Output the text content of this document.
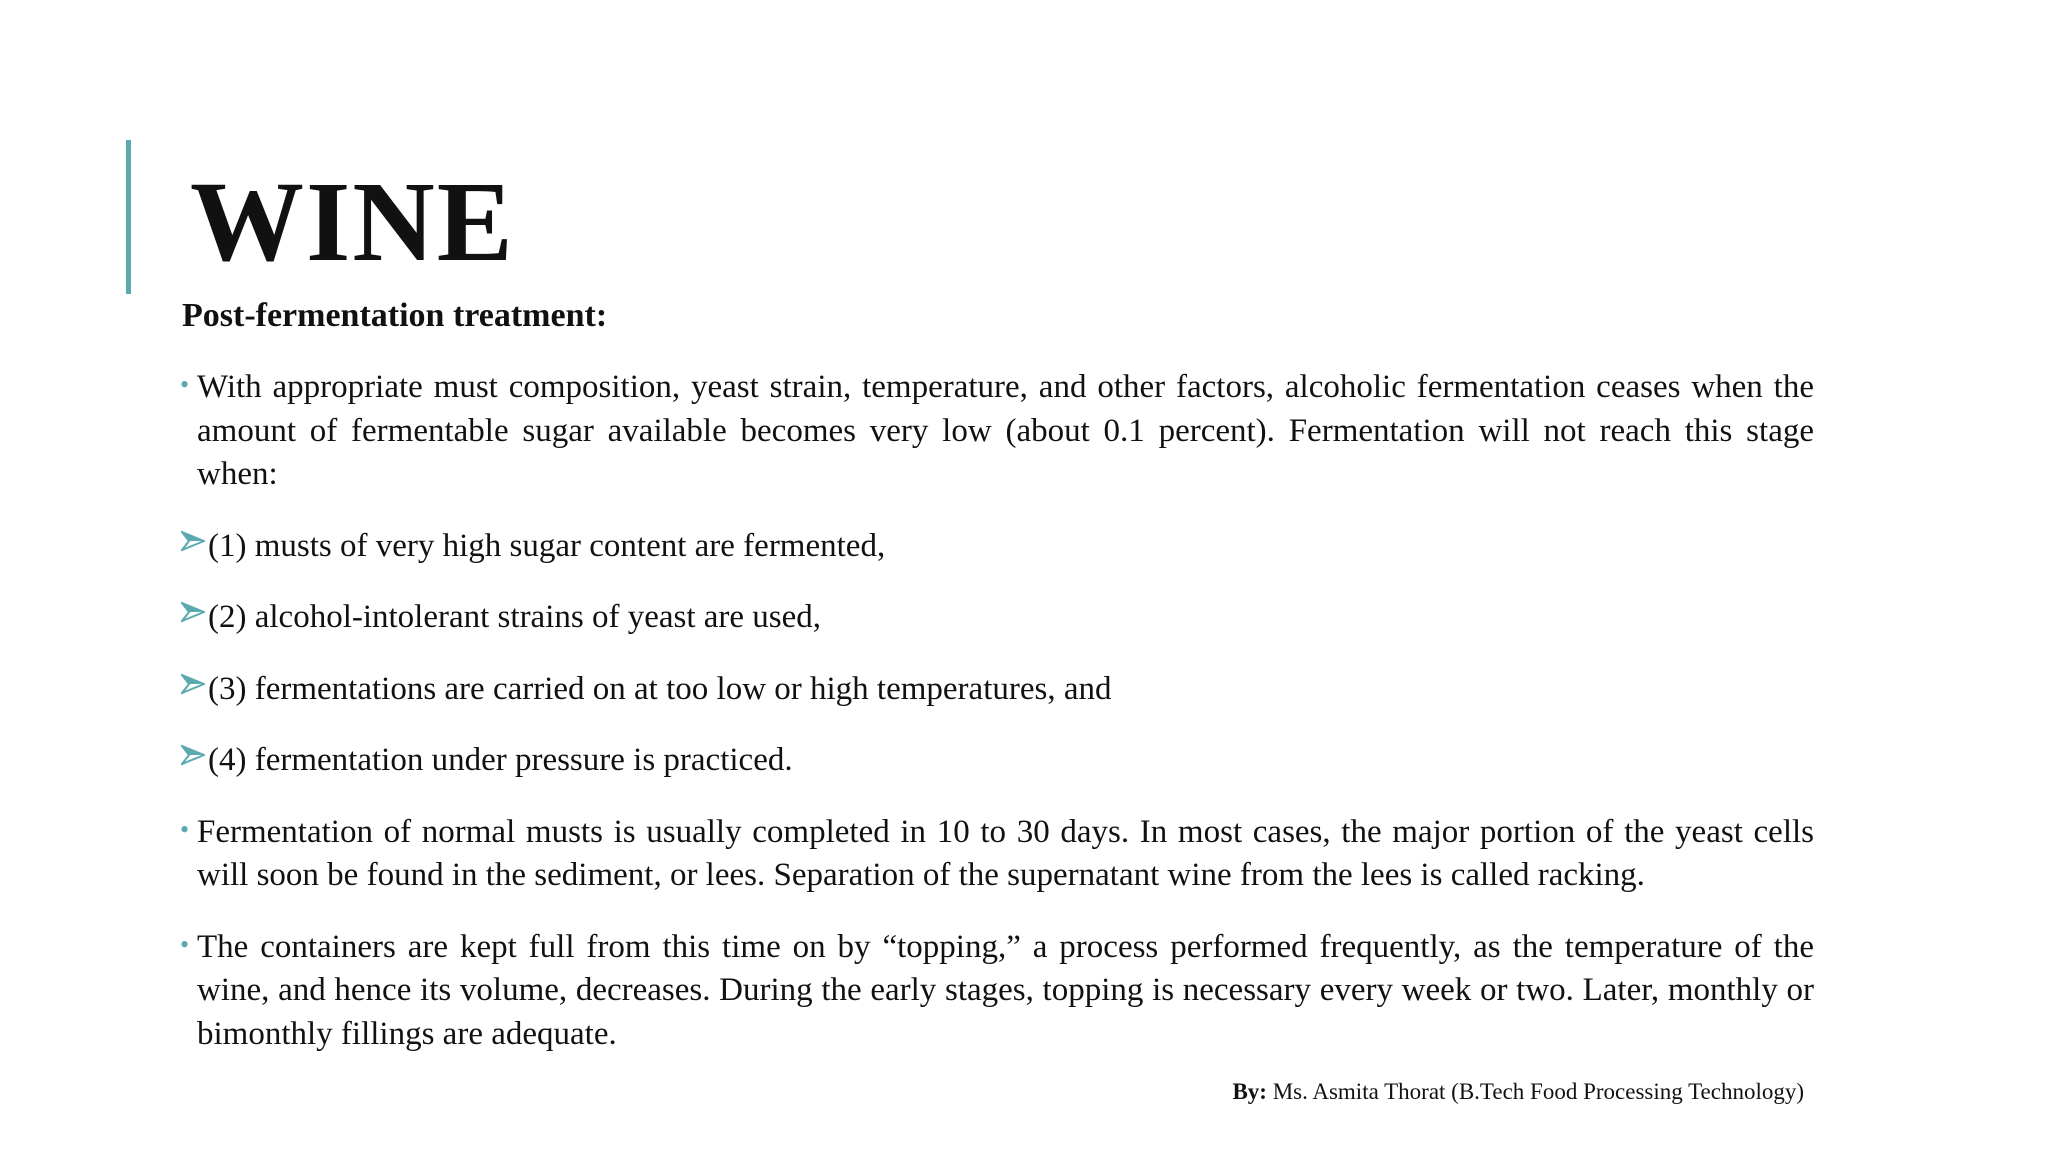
WINE

Post-fermentation treatment:

• With appropriate must composition, yeast strain, temperature, and other factors, alcoholic fermentation ceases when the amount of fermentable sugar available becomes very low (about 0.1 percent). Fermentation will not reach this stage when:

(1) musts of very high sugar content are fermented,

(2) alcohol-intolerant strains of yeast are used,

(3) fermentations are carried on at too low or high temperatures, and

(4) fermentation under pressure is practiced.

• Fermentation of normal musts is usually completed in 10 to 30 days. In most cases, the major portion of the yeast cells will soon be found in the sediment, or lees. Separation of the supernatant wine from the lees is called racking.

• The containers are kept full from this time on by “topping,” a process performed frequently, as the temperature of the wine, and hence its volume, decreases. During the early stages, topping is necessary every week or two. Later, monthly or bimonthly fillings are adequate.

By: Ms. Asmita Thorat (B.Tech Food Processing Technology)
